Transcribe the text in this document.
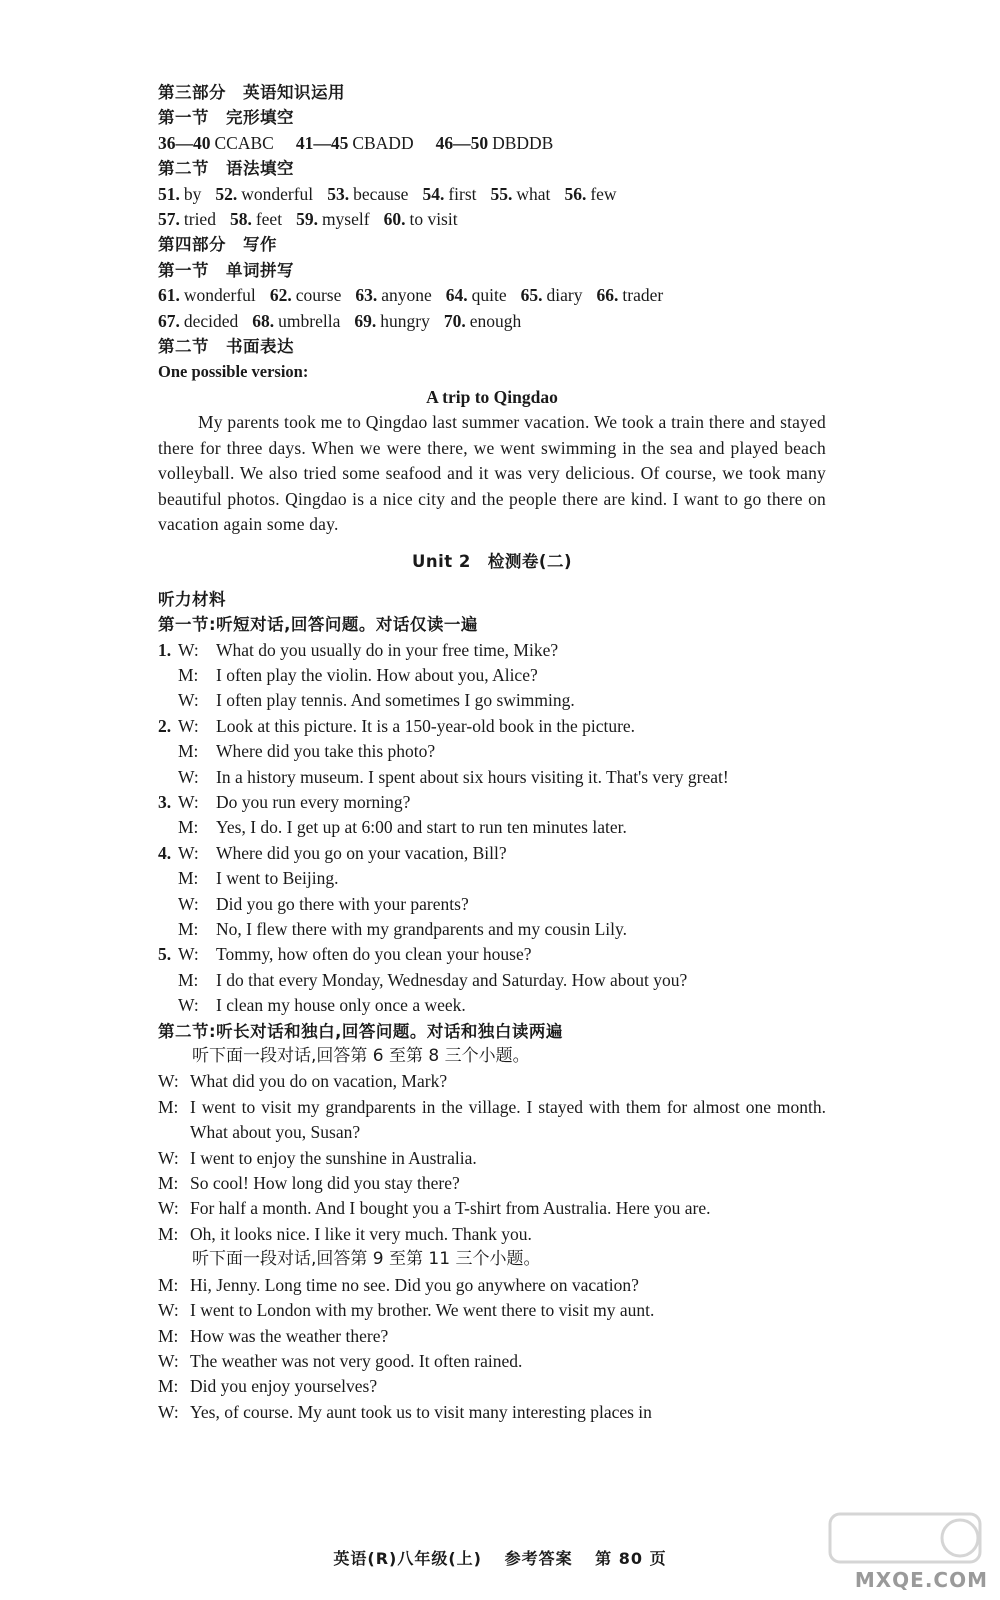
第三部分　英语知识运用
第一节　完形填空
36—40 CCABC 41—45 CBADD 46—50 DBDDB
第二节　语法填空
51. by 52. wonderful 53. because 54. first 55. what 56. few
57. tried 58. feet 59. myself 60. to visit
第四部分　写作
第一节　单词拼写
61. wonderful 62. course 63. anyone 64. quite 65. diary 66. trader
67. decided 68. umbrella 69. hungry 70. enough
第二节　书面表达
One possible version:
A trip to Qingdao
My parents took me to Qingdao last summer vacation. We took a train there and stayed there for three days. When we were there, we went swimming in the sea and played beach volleyball. We also tried some seafood and it was very delicious. Of course, we took many beautiful photos. Qingdao is a nice city and the people there are kind. I want to go there on vacation again some day.
Unit 2　检测卷(二)
听力材料
第一节:听短对话,回答问题。对话仅读一遍
1. W: What do you usually do in your free time, Mike?
M:	I often play the violin. How about you, Alice?
W: I often play tennis. And sometimes I go swimming.
2. W: Look at this picture. It is a 150-year-old book in the picture.
M:	Where did you take this photo?
W: In a history museum. I spent about six hours visiting it. That's very great!
3. W: Do you run every morning?
M:	Yes, I do. I get up at 6:00 and start to run ten minutes later.
4. W: Where did you go on your vacation, Bill?
M:	I went to Beijing.
W: Did you go there with your parents?
M:	No, I flew there with my grandparents and my cousin Lily.
5. W: Tommy, how often do you clean your house?
M:	I do that every Monday, Wednesday and Saturday. How about you?
W: I clean my house only once a week.
第二节:听长对话和独白,回答问题。对话和独白读两遍
听下面一段对话,回答第 6 至第 8 三个小题。
W: What did you do on vacation, Mark?
M: I went to visit my grandparents in the village. I stayed with them for almost one month. What about you, Susan?
W: I went to enjoy the sunshine in Australia.
M: So cool! How long did you stay there?
W: For half a month. And I bought you a T-shirt from Australia. Here you are.
M: Oh, it looks nice. I like it very much. Thank you.
听下面一段对话,回答第 9 至第 11 三个小题。
M: Hi, Jenny. Long time no see. Did you go anywhere on vacation?
W: I went to London with my brother. We went there to visit my aunt.
M: How was the weather there?
W: The weather was not very good. It often rained.
M: Did you enjoy yourselves?
W: Yes, of course. My aunt took us to visit many interesting places in
英语(R)八年级(上) 参考答案 第 80 页
MXQE.COM
